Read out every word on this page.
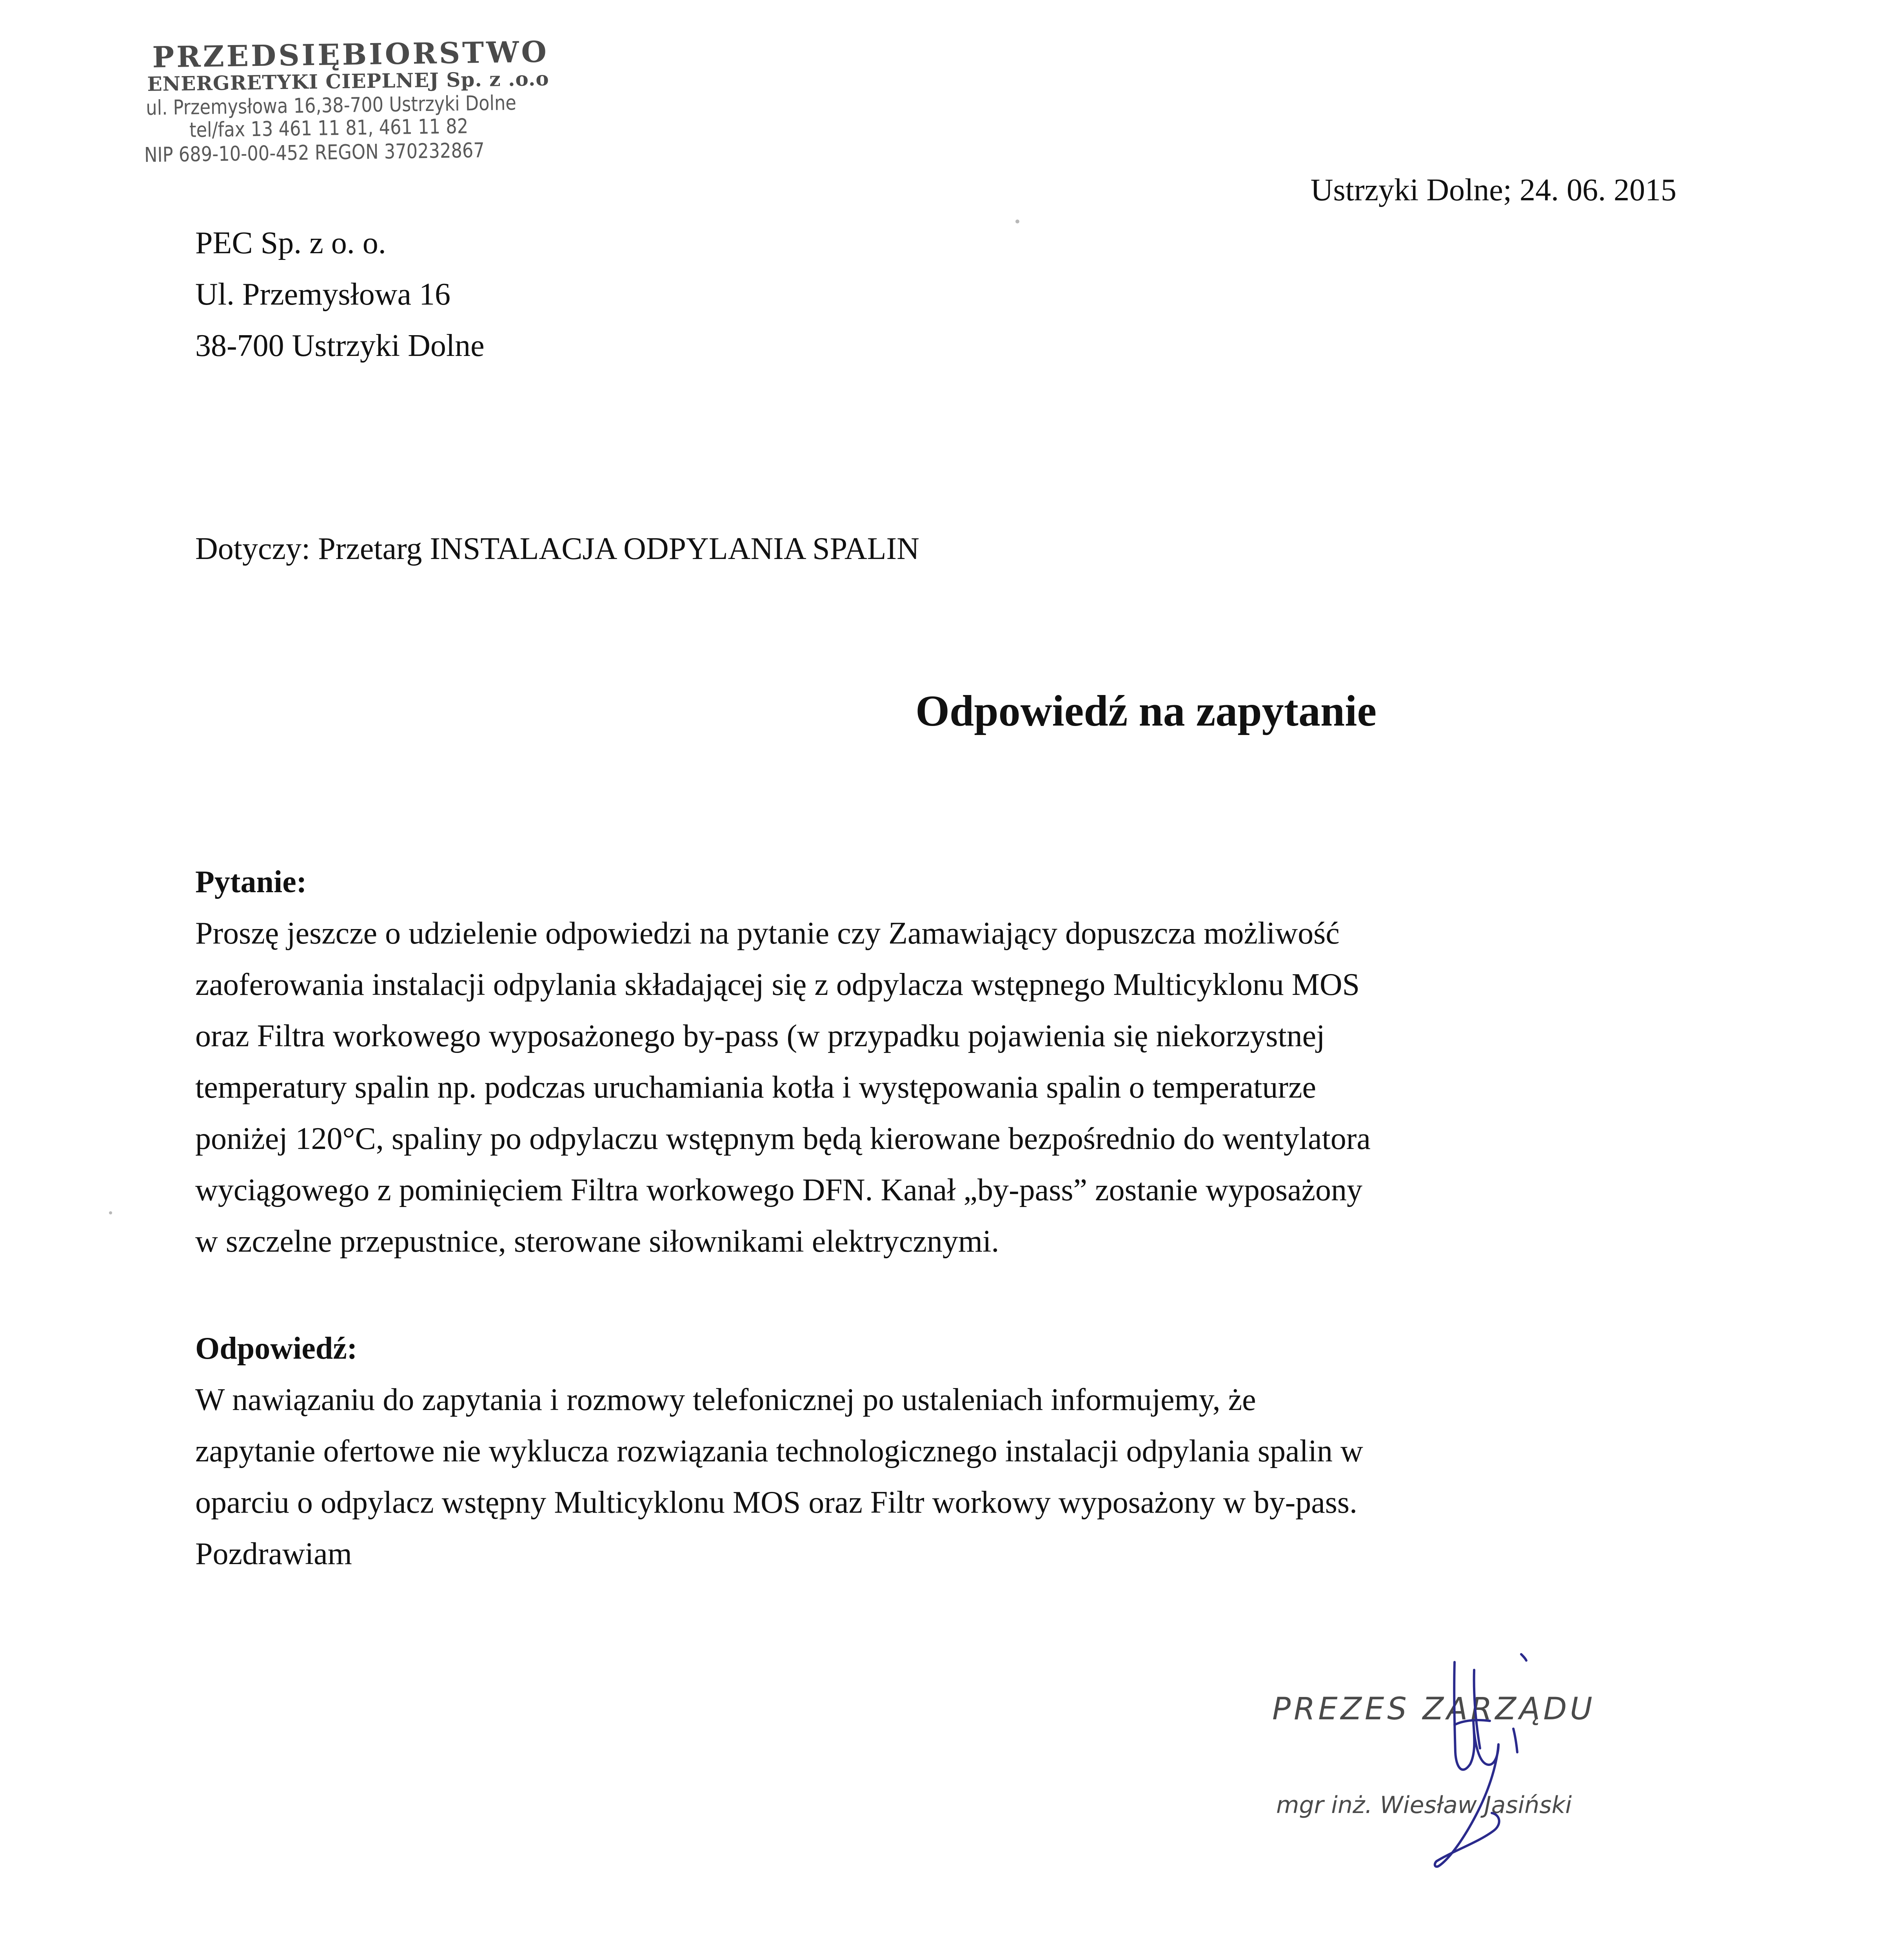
PRZEDSIĘBIORSTWO
ENERGRETYKI CIEPLNEJ Sp. z .o.o
ul. Przemysłowa 16,38-700 Ustrzyki Dolne
tel/fax 13 461 11 81, 461 11 82
NIP 689-10-00-452 REGON 370232867
Ustrzyki Dolne; 24. 06. 2015
PEC Sp. z o. o.
Ul. Przemysłowa 16
38-700 Ustrzyki Dolne
Dotyczy: Przetarg INSTALACJA ODPYLANIA SPALIN
Odpowiedź na zapytanie
Pytanie:
Proszę jeszcze o udzielenie odpowiedzi na pytanie czy Zamawiający dopuszcza możliwość
zaoferowania instalacji odpylania składającej się z odpylacza wstępnego Multicyklonu MOS
oraz Filtra workowego wyposażonego by-pass (w przypadku pojawienia się niekorzystnej
temperatury spalin np. podczas uruchamiania kotła i występowania spalin o temperaturze
poniżej 120°C, spaliny po odpylaczu wstępnym będą kierowane bezpośrednio do wentylatora
wyciągowego z pominięciem Filtra workowego DFN. Kanał „by-pass” zostanie wyposażony
w szczelne przepustnice, sterowane siłownikami elektrycznymi.
Odpowiedź:
W nawiązaniu do zapytania i rozmowy telefonicznej po ustaleniach informujemy, że
zapytanie ofertowe nie wyklucza rozwiązania technologicznego instalacji odpylania spalin w
oparciu o odpylacz wstępny Multicyklonu MOS oraz Filtr workowy wyposażony w by-pass.
Pozdrawiam
PREZES ZARZĄDU
mgr inż. Wiesław Jasiński
